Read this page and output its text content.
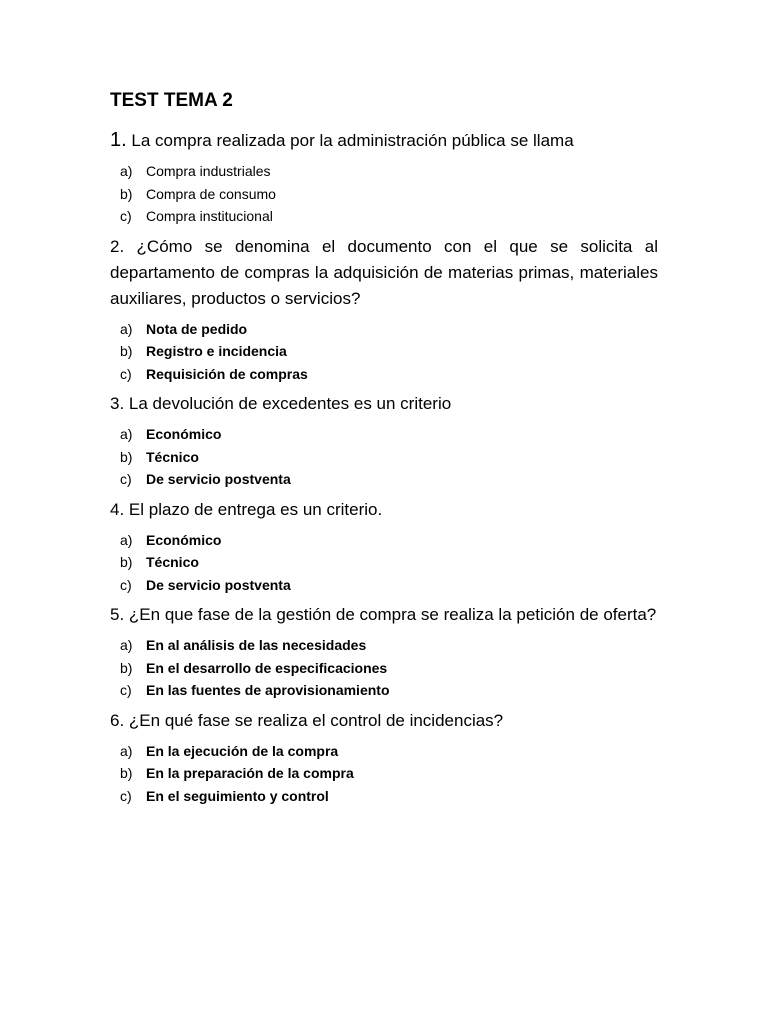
TEST TEMA 2

1. La compra realizada por la administración pública se llama

a) Compra industriales
b) Compra de consumo
c)	Compra institucional

2. ¿Cómo se denomina el documento con el que se solicita al departamento de compras la adquisición de materias primas, materiales auxiliares, productos o servicios?

a) Nota de pedido
b) Registro e incidencia
c)	Requisición de compras

3. La devolución de excedentes es un criterio

a) Económico
b) Técnico
c)	De servicio postventa

4. El plazo de entrega es un criterio.

a) Económico
b) Técnico
c)	De servicio postventa

5. ¿En que fase de la gestión de compra se realiza la petición de oferta?

a) En al análisis de las necesidades
b) En el desarrollo de especificaciones
c)	En las fuentes de aprovisionamiento

6. ¿En qué fase se realiza el control de incidencias?

a) En la ejecución de la compra
b) En la preparación de la compra
c)	En el seguimiento y control
